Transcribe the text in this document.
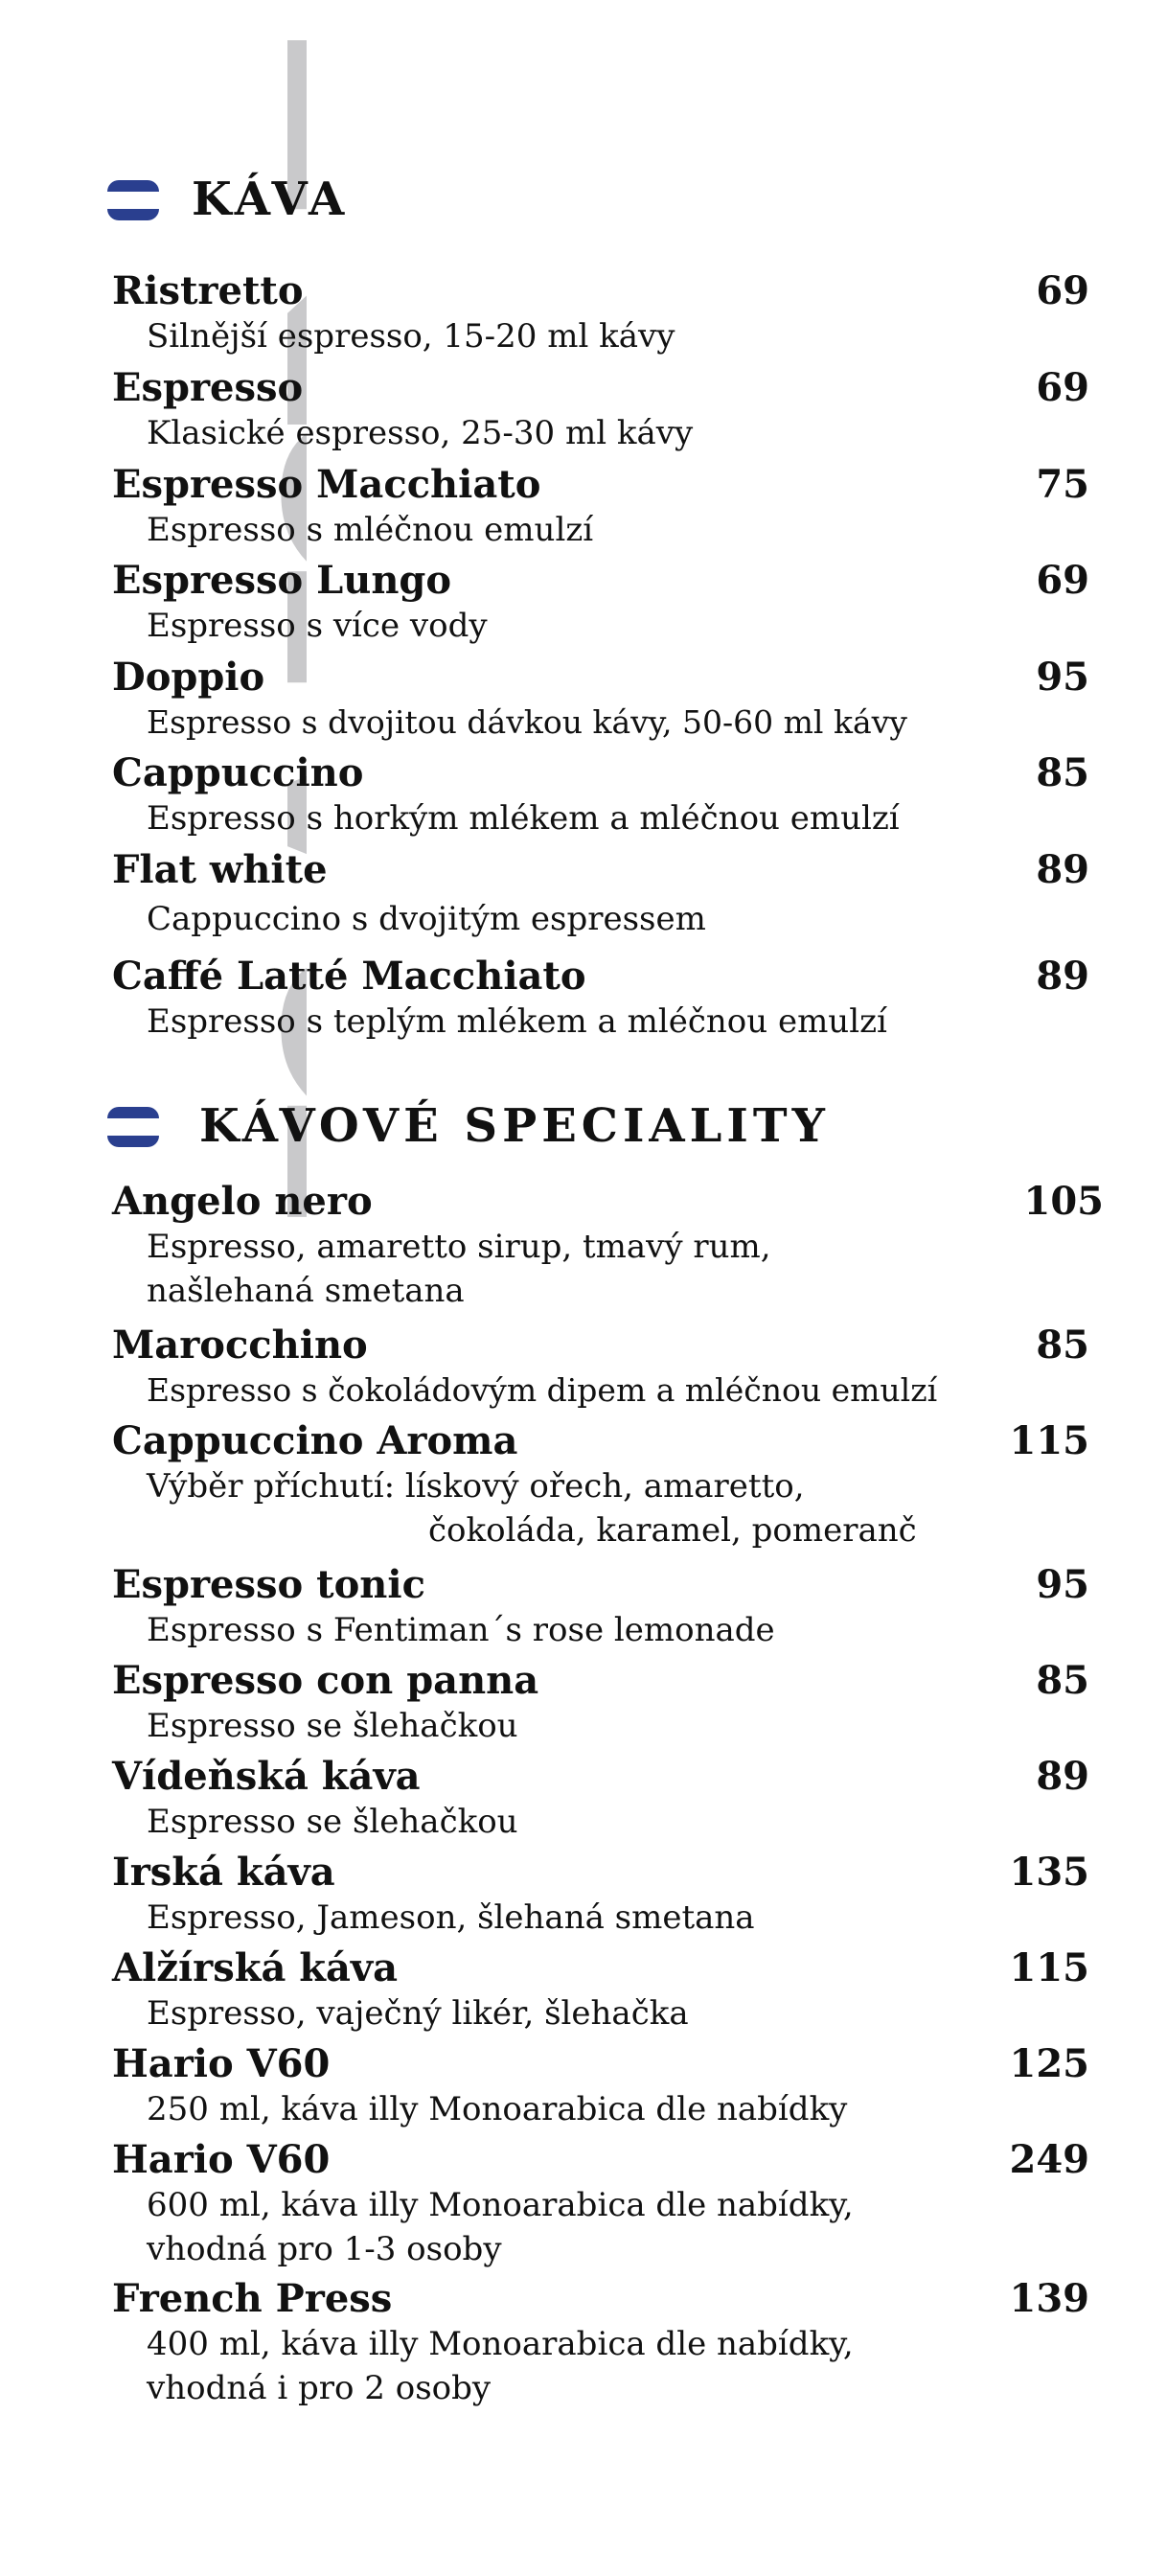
Káva
KÁVA
Ristretto	69
Silnější espresso, 15-20 ml kávy
Espresso	69
Klasické espresso, 25-30 ml kávy
Espresso Macchiato	75
Espresso s mléčnou emulzí
Espresso Lungo	69
Espresso s více vody
Doppio	95
Espresso s dvojitou dávkou kávy, 50-60 ml kávy
Cappuccino	85
Espresso s horkým mlékem a mléčnou emulzí
Flat white	89
Cappuccino s dvojitým espressem
Caffé Latté Macchiato	89
Espresso s teplým mlékem a mléčnou emulzí
KÁVOVÉ SPECIALITY
Angelo nero	105
Espresso, amaretto sirup, tmavý rum,
našlehaná smetana
Marocchino	85
Espresso s čokoládovým dipem a mléčnou emulzí
Cappuccino Aroma	115
Výběr příchutí: lískový ořech, amaretto,
čokoláda, karamel, pomeranč
Espresso tonic	95
Espresso s Fentiman´s rose lemonade
Espresso con panna	85
Espresso se šlehačkou
Vídeňská káva	89
Espresso se šlehačkou
Irská káva	135
Espresso, Jameson, šlehaná smetana
Alžírská káva	115
Espresso, vaječný likér, šlehačka
Hario V60	125
250 ml, káva illy Monoarabica dle nabídky
Hario V60	249
600 ml, káva illy Monoarabica dle nabídky,
vhodná pro 1-3 osoby
French Press	139
400 ml, káva illy Monoarabica dle nabídky,
vhodná i pro 2 osoby
